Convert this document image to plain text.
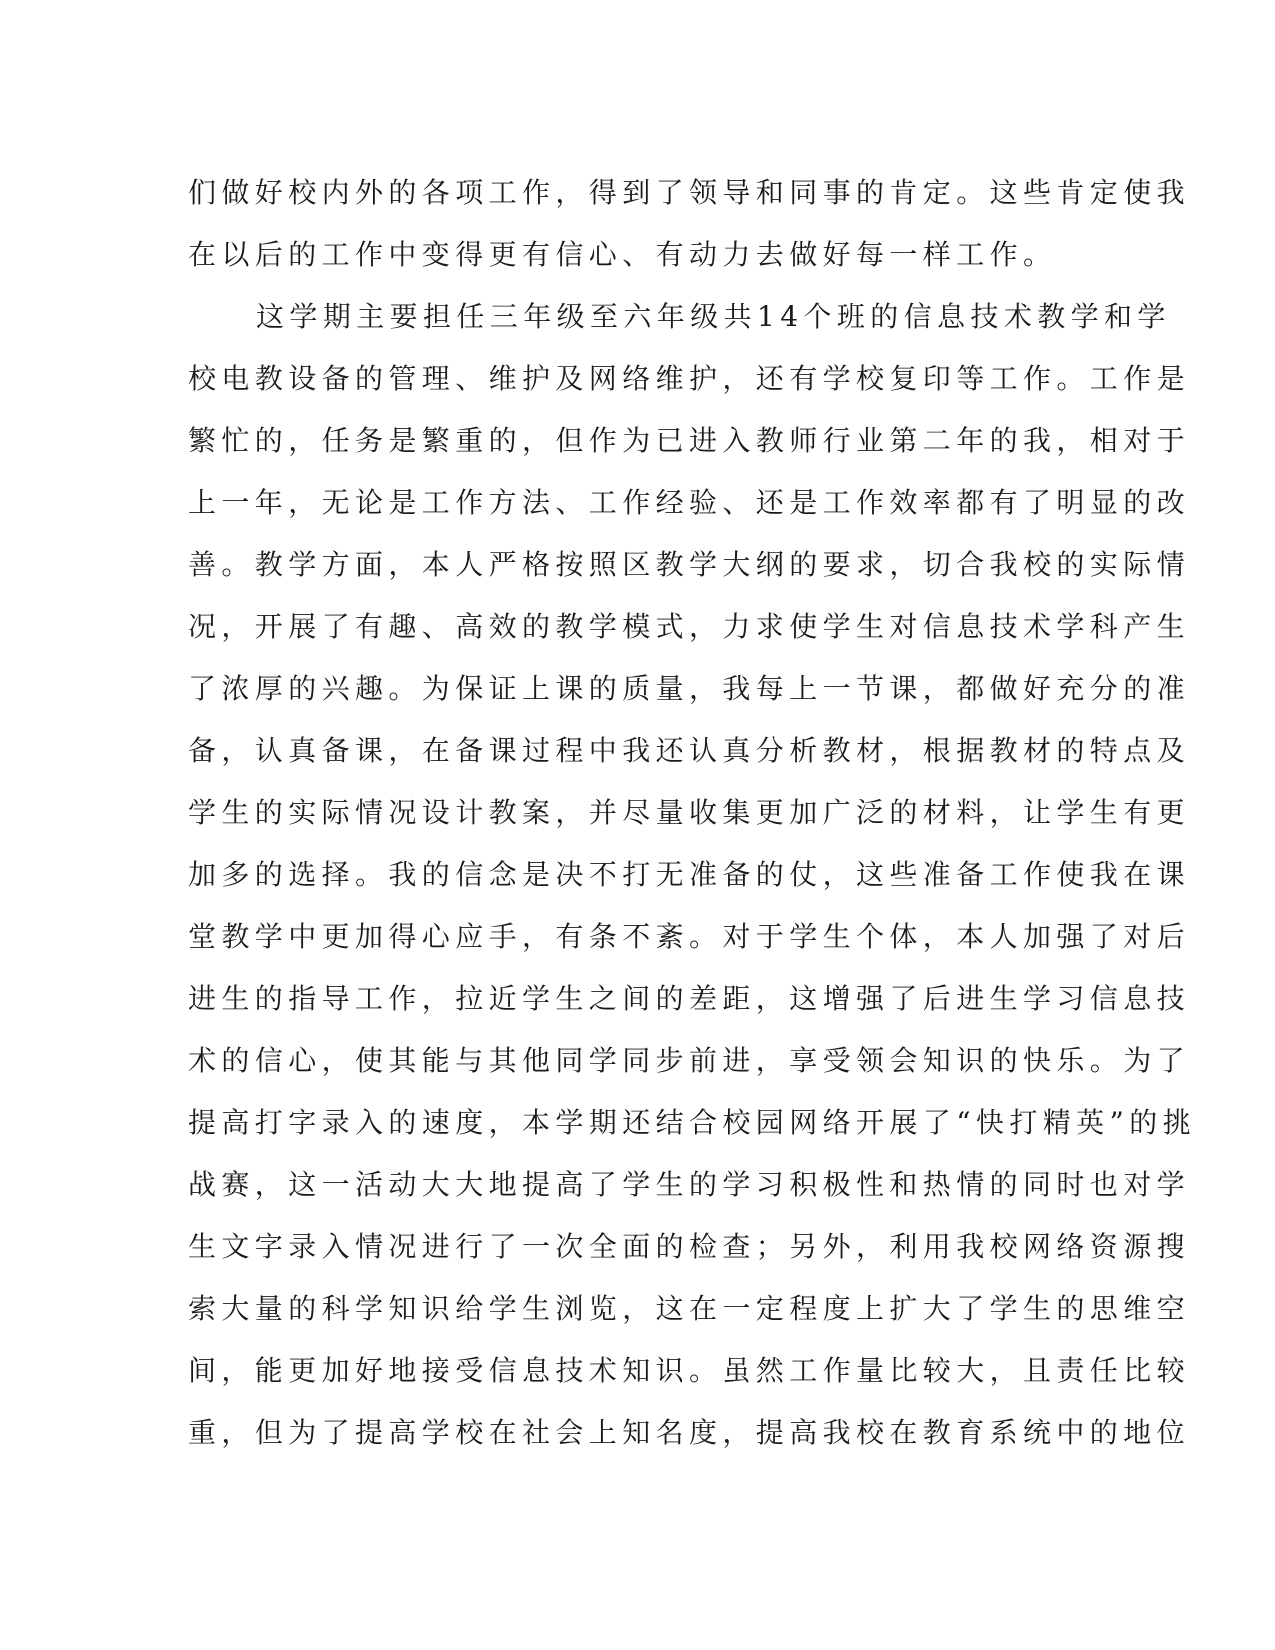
们做好校内外的各项工作，得到了领导和同事的肯定。这些肯定使我
在以后的工作中变得更有信心、有动力去做好每一样工作。
这学期主要担任三年级至六年级共14个班的信息技术教学和学
校电教设备的管理、维护及网络维护，还有学校复印等工作。工作是
繁忙的，任务是繁重的，但作为已进入教师行业第二年的我，相对于
上一年，无论是工作方法、工作经验、还是工作效率都有了明显的改
善。教学方面，本人严格按照区教学大纲的要求，切合我校的实际情
况，开展了有趣、高效的教学模式，力求使学生对信息技术学科产生
了浓厚的兴趣。为保证上课的质量，我每上一节课，都做好充分的准
备，认真备课，在备课过程中我还认真分析教材，根据教材的特点及
学生的实际情况设计教案，并尽量收集更加广泛的材料，让学生有更
加多的选择。我的信念是决不打无准备的仗，这些准备工作使我在课
堂教学中更加得心应手，有条不紊。对于学生个体，本人加强了对后
进生的指导工作，拉近学生之间的差距，这增强了后进生学习信息技
术的信心，使其能与其他同学同步前进，享受领会知识的快乐。为了
提高打字录入的速度，本学期还结合校园网络开展了“快打精英”的挑
战赛，这一活动大大地提高了学生的学习积极性和热情的同时也对学
生文字录入情况进行了一次全面的检查；另外，利用我校网络资源搜
索大量的科学知识给学生浏览，这在一定程度上扩大了学生的思维空
间，能更加好地接受信息技术知识。虽然工作量比较大，且责任比较
重，但为了提高学校在社会上知名度，提高我校在教育系统中的地位
